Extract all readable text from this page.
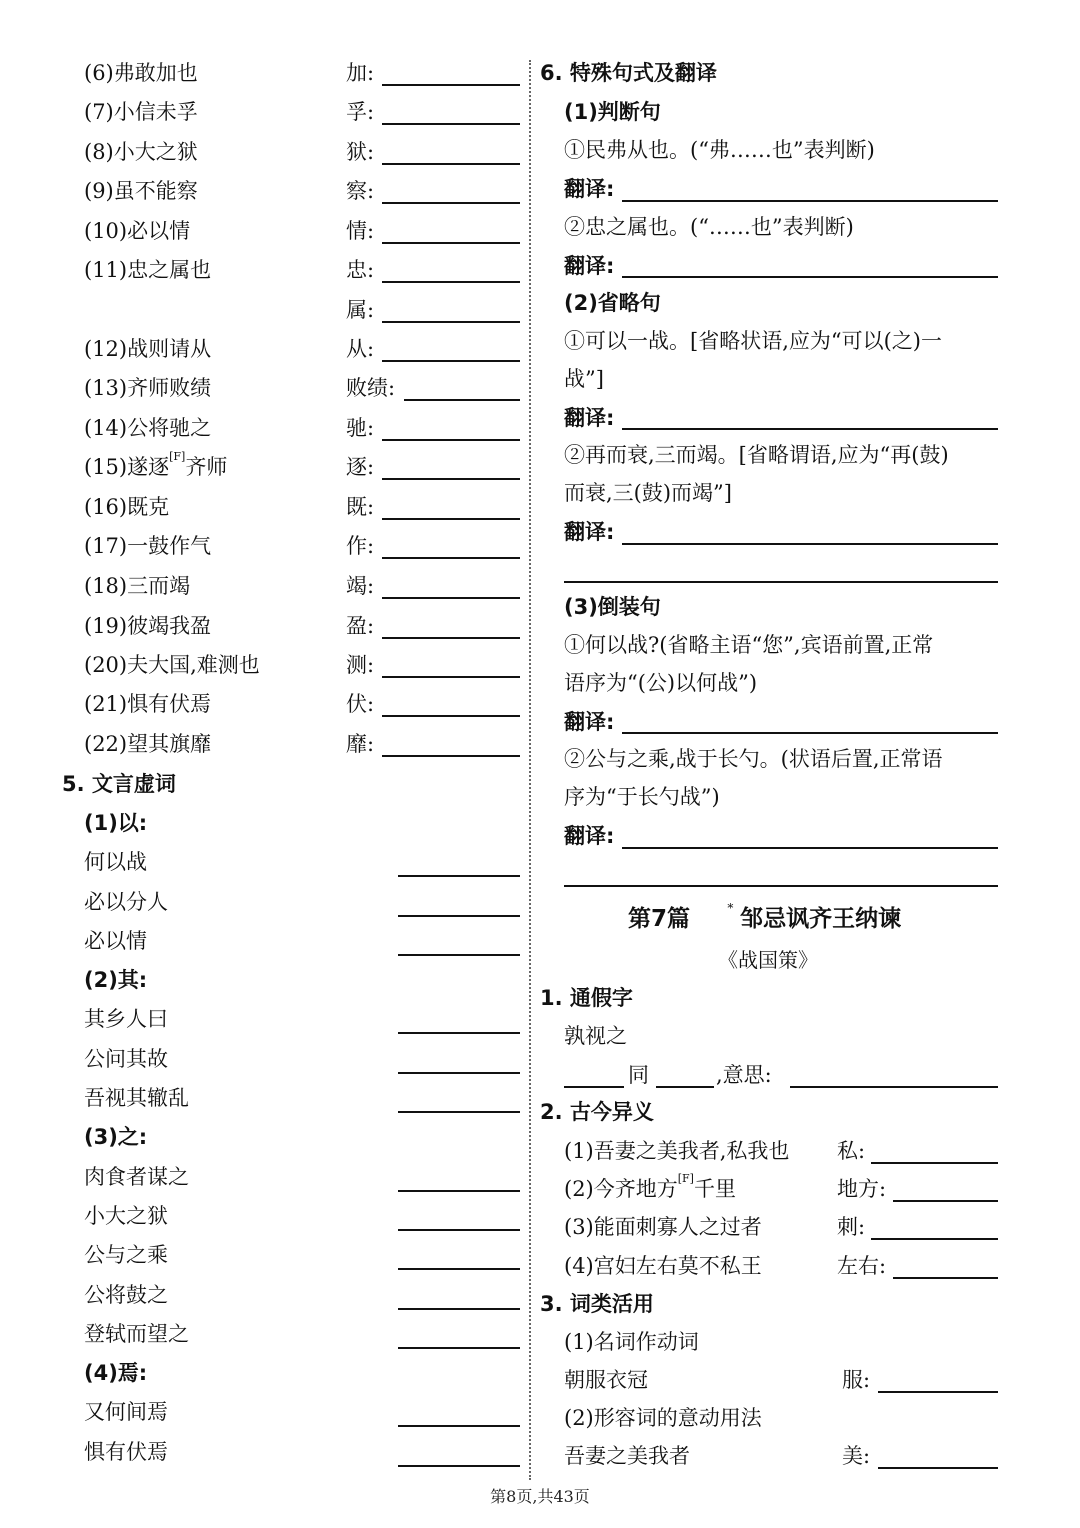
(6)弗敢加也	加:
(7)小信未孚	孚:
(8)小大之狱	狱:
(9)虽不能察	察:
(10)必以情	情:
(11)忠之属也	忠:
属:
(12)战则请从	从:
(13)齐师败绩	败绩:
(14)公将驰之	驰:
(15)遂逐[F]齐师	逐:
(16)既克	既:
(17)一鼓作气	作:
(18)三而竭	竭:
(19)彼竭我盈	盈:
(20)夫大国,难测也	测:
(21)惧有伏焉	伏:
(22)望其旗靡	靡:
5. 文言虚词
(1)以:
何以战
必以分人
必以情
(2)其:
其乡人曰
公问其故
吾视其辙乱
(3)之:
肉食者谋之
小大之狱
公与之乘
公将鼓之
登轼而望之
(4)焉:
又何间焉
惧有伏焉
6. 特殊句式及翻译
(1)判断句
①民弗从也。(“弗……也”表判断)
翻译:
②忠之属也。(“……也”表判断)
翻译:
(2)省略句
①可以一战。[省略状语,应为“可以(之)一
战”]
翻译:
②再而衰,三而竭。[省略谓语,应为“再(鼓)
而衰,三(鼓)而竭”]
翻译:
(3)倒装句
①何以战?(省略主语“您”,宾语前置,正常
语序为“(公)以何战”)
翻译:
②公与之乘,战于长勺。(状语后置,正常语
序为“于长勺战”)
翻译:
第7篇	* 邹忌讽齐王纳谏
《战国策》
1. 通假字
孰视之
同	,意思:
2. 古今异义
(1)吾妻之美我者,私我也 私:
(2)今齐地方[F]千里	地方:
(3)能面刺寡人之过者	刺:
(4)宫妇左右莫不私王	左右:
3. 词类活用
(1)名词作动词
朝服衣冠	服:
(2)形容词的意动用法
吾妻之美我者	美:
第8页,共43页
